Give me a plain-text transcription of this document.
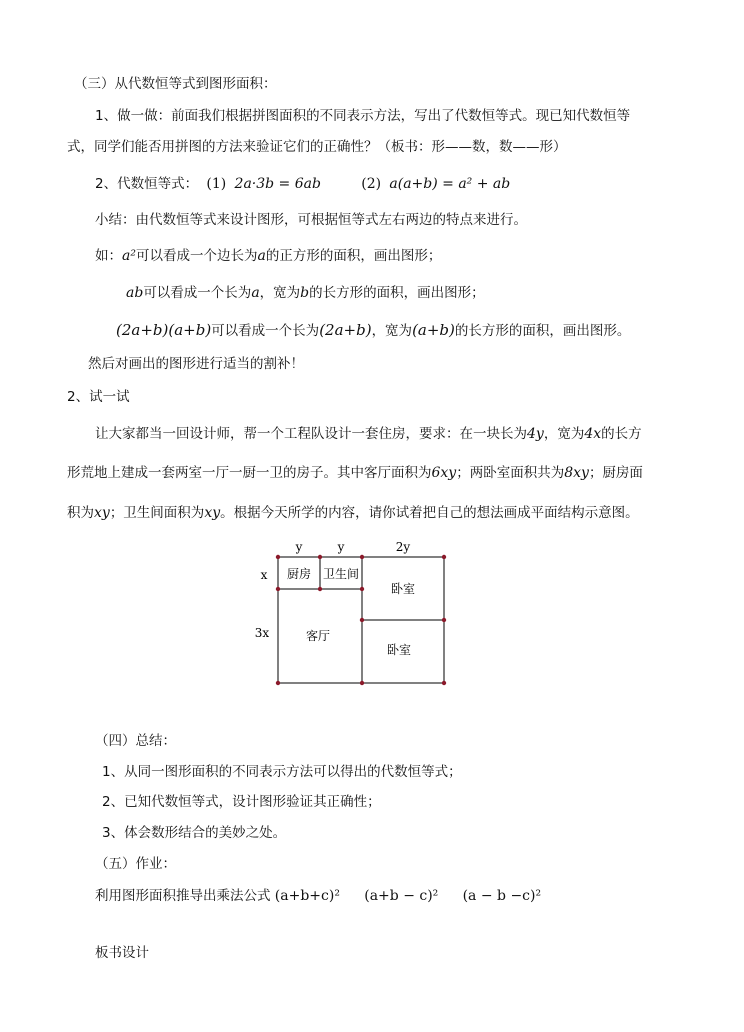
（三）从代数恒等式到图形面积：
1、做一做：前面我们根据拼图面积的不同表示方法，写出了代数恒等式。现已知代数恒等
式，同学们能否用拼图的方法来验证它们的正确性？（板书：形——数，数——形）
2、代数恒等式： (1) 2a·3b = 6ab	(2) a(a+b) = a² + ab
小结：由代数恒等式来设计图形，可根据恒等式左右两边的特点来进行。
如：a²可以看成一个边长为a的正方形的面积，画出图形；
ab可以看成一个长为a，宽为b的长方形的面积，画出图形；
(2a+b)(a+b)可以看成一个长为(2a+b)，宽为(a+b)的长方形的面积，画出图形。
然后对画出的图形进行适当的割补！
2、试一试
让大家都当一回设计师，帮一个工程队设计一套住房，要求：在一块长为4y，宽为4x的长方
形荒地上建成一套两室一厅一厨一卫的房子。其中客厅面积为6xy；两卧室面积共为8xy；厨房面
积为xy；卫生间面积为xy。根据今天所学的内容，请你试着把自己的想法画成平面结构示意图。
y	y	2y
x
3x
厨房 卫生间
卧室
客厅
卧室
（四）总结：
1、从同一图形面积的不同表示方法可以得出的代数恒等式；
2、已知代数恒等式，设计图形验证其正确性；
3、体会数形结合的美妙之处。
（五）作业：
利用图形面积推导出乘法公式 (a+b+c)² (a+b − c)² (a − b −c)²
板书设计
